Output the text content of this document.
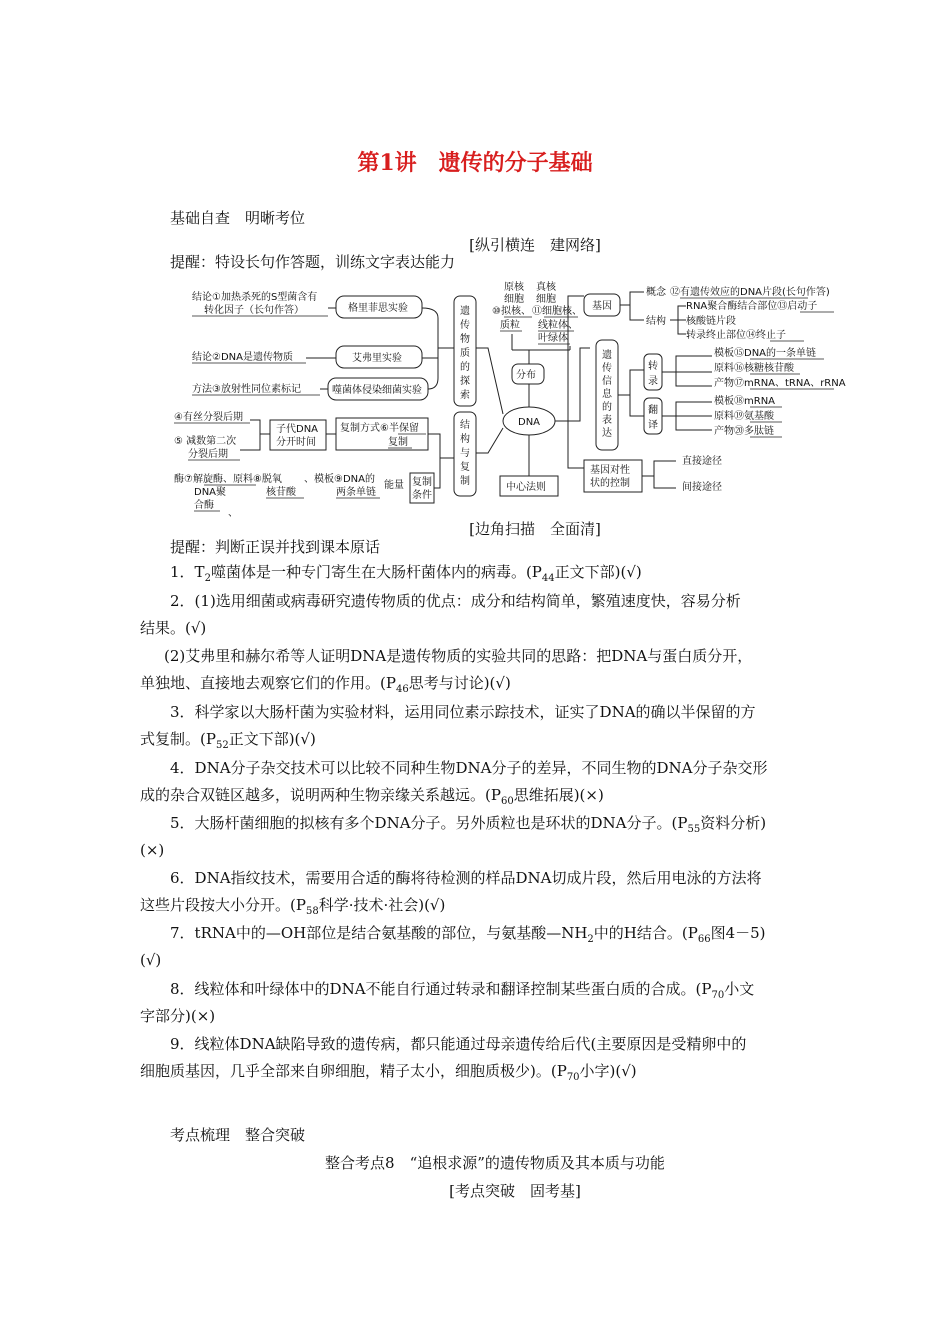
第1讲　遗传的分子基础
基础自查　明晰考位
[纵引横连　建网络]
提醒：特设长句作答题，训练文字表达能力
结论①加热杀死的S型菌含有
转化因子（长句作答）	格里菲思实验
结论②DNA是遗传物质	艾弗里实验
方法③放射性同位素标记	噬菌体侵染细菌实验
遗
传
物
质
的
探
索
④有丝分裂后期
⑤ 减数第二次
分裂后期
子代DNA
分开时间
复制方式⑥半保留
复制
酶⑦解旋酶、原料⑧脱氧
DNA聚
合酶
、
核苷酸
、模板⑨DNA的
两条单链
能量 复制
条件
结
构
与
复
制
DNA
分布
中心法则
原核
细胞
⑩拟核、
质粒
真核
细胞
⑪细胞核、
线粒体、
叶绿体
基因
概念 ⑫有遗传效应的DNA片段(长句作答)
结构
RNA聚合酶结合部位⑬启动子
核酸链片段
转录终止部位⑭终止子
遗
传
信
息
的
表
达
转
录
模板⑮DNA的一条单链
原料⑯核糖核苷酸
产物⑰mRNA、tRNA、rRNA
翻
译
模板⑱mRNA
原料⑲氨基酸
产物⑳多肽链
基因对性
状的控制
直接途径
间接途径
[边角扫描　全面清]
提醒：判断正误并找到课本原话
1．$T_2$噬菌体是一种专门寄生在大肠杆菌体内的病毒。($P_{44}$正文下部)(√)
2．(1)选用细菌或病毒研究遗传物质的优点：成分和结构简单，繁殖速度快，容易分析
结果。(√)
(2)艾弗里和赫尔希等人证明DNA是遗传物质的实验共同的思路：把DNA与蛋白质分开，
单独地、直接地去观察它们的作用。($P_{46}$思考与讨论)(√)
3．科学家以大肠杆菌为实验材料，运用同位素示踪技术，证实了DNA的确以半保留的方
式复制。($P_{52}$正文下部)(√)
4．DNA分子杂交技术可以比较不同种生物DNA分子的差异，不同生物的DNA分子杂交形
成的杂合双链区越多，说明两种生物亲缘关系越远。($P_{60}$思维拓展)(×)
5．大肠杆菌细胞的拟核有多个DNA分子。另外质粒也是环状的DNA分子。($P_{55}$资料分析)
(×)
6．DNA指纹技术，需要用合适的酶将待检测的样品DNA切成片段，然后用电泳的方法将
这些片段按大小分开。($P_{58}$科学·技术·社会)(√)
7．tRNA中的—OH部位是结合氨基酸的部位，与氨基酸$—NH_2$中的H结合。($P_{66}$图4－5)
(√)
8．线粒体和叶绿体中的DNA不能自行通过转录和翻译控制某些蛋白质的合成。($P_{70}$小文
字部分)(×)
9．线粒体DNA缺陷导致的遗传病，都只能通过母亲遗传给后代(主要原因是受精卵中的
细胞质基因，几乎全部来自卵细胞，精子太小，细胞质极少)。($P_{70}$小字)(√)
考点梳理　整合突破
整合考点8　“追根求源”的遗传物质及其本质与功能
[考点突破　固考基]
